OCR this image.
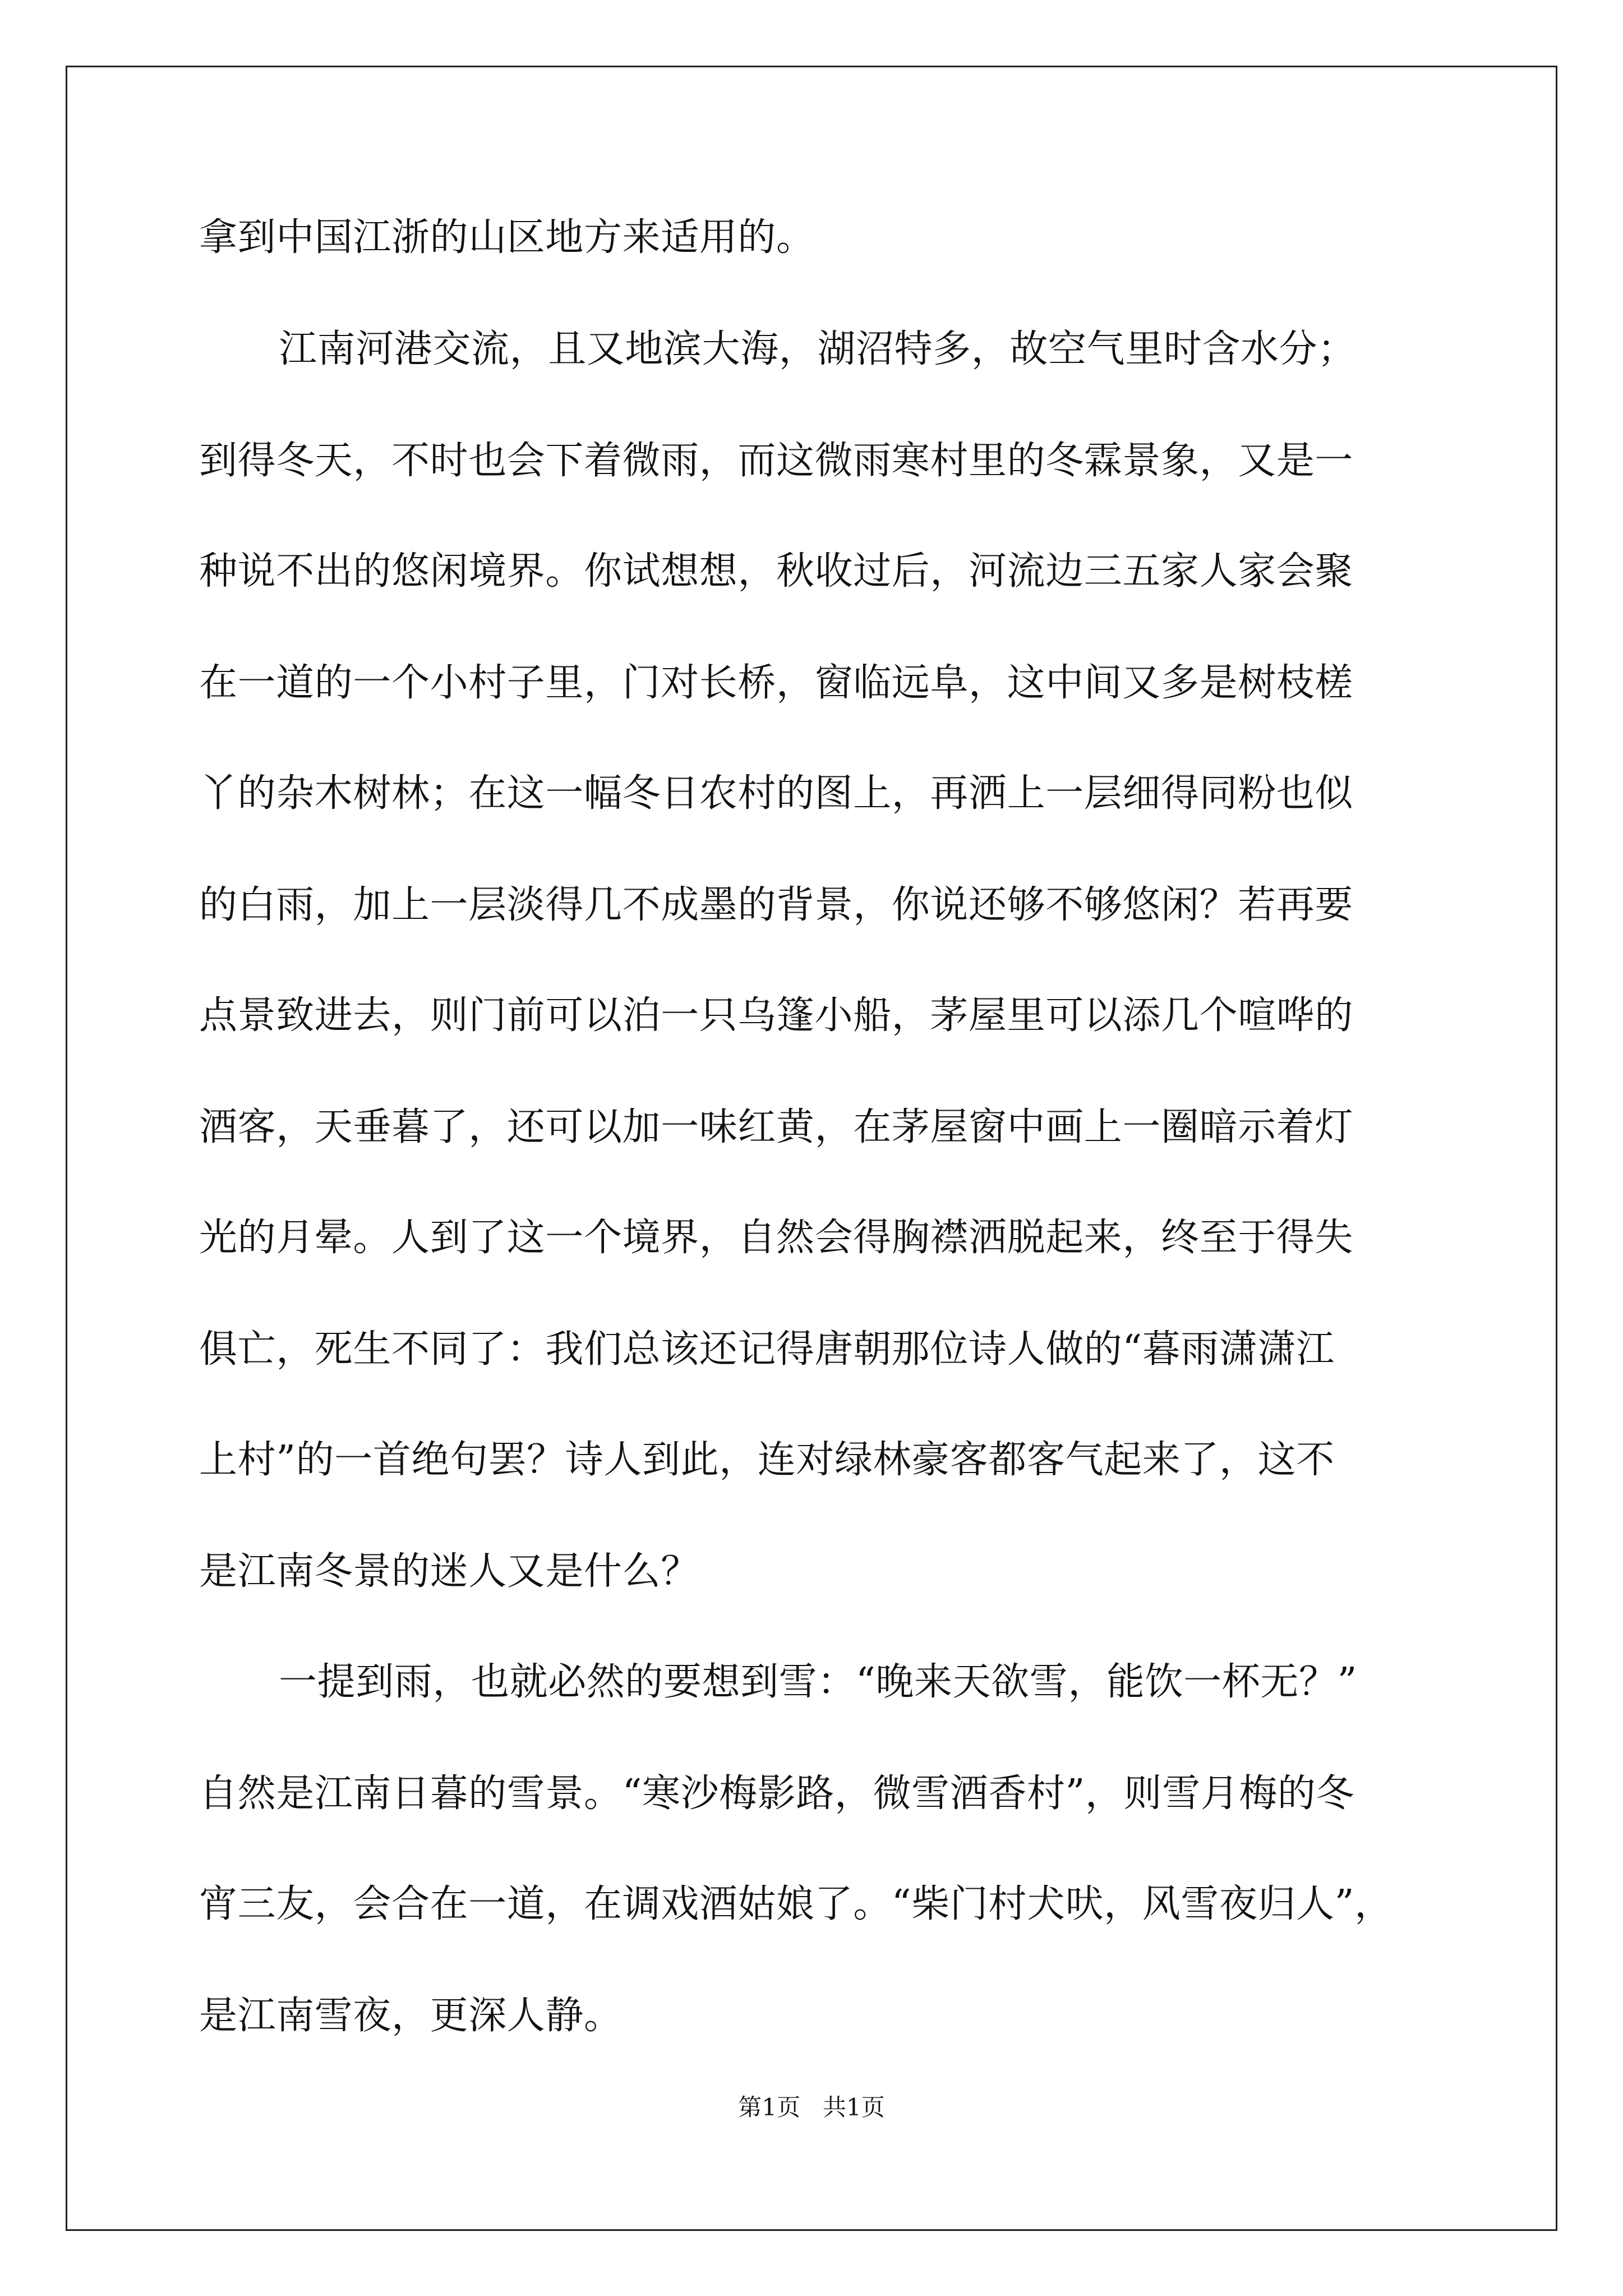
拿到中国江浙的山区地方来适用的。
江南河港交流，且又地滨大海，湖沼特多，故空气里时含水分；
到得冬天，不时也会下着微雨，而这微雨寒村里的冬霖景象，又是一
种说不出的悠闲境界。你试想想，秋收过后，河流边三五家人家会聚
在一道的一个小村子里，门对长桥，窗临远阜，这中间又多是树枝槎
丫的杂木树林；在这一幅冬日农村的图上，再洒上一层细得同粉也似
的白雨，加上一层淡得几不成墨的背景，你说还够不够悠闲？若再要
点景致进去，则门前可以泊一只乌篷小船，茅屋里可以添几个喧哗的
酒客，天垂暮了，还可以加一味红黄，在茅屋窗中画上一圈暗示着灯
光的月晕。人到了这一个境界，自然会得胸襟洒脱起来，终至于得失
俱亡，死生不同了：我们总该还记得唐朝那位诗人做的“暮雨潇潇江
上村”的一首绝句罢？诗人到此，连对绿林豪客都客气起来了，这不
是江南冬景的迷人又是什么？
一提到雨，也就必然的要想到雪：“晚来天欲雪，能饮一杯无？”
自然是江南日暮的雪景。“寒沙梅影路，微雪酒香村”，则雪月梅的冬
宵三友，会合在一道，在调戏酒姑娘了。“柴门村犬吠，风雪夜归人”，
是江南雪夜，更深人静。
第1页   共1页
